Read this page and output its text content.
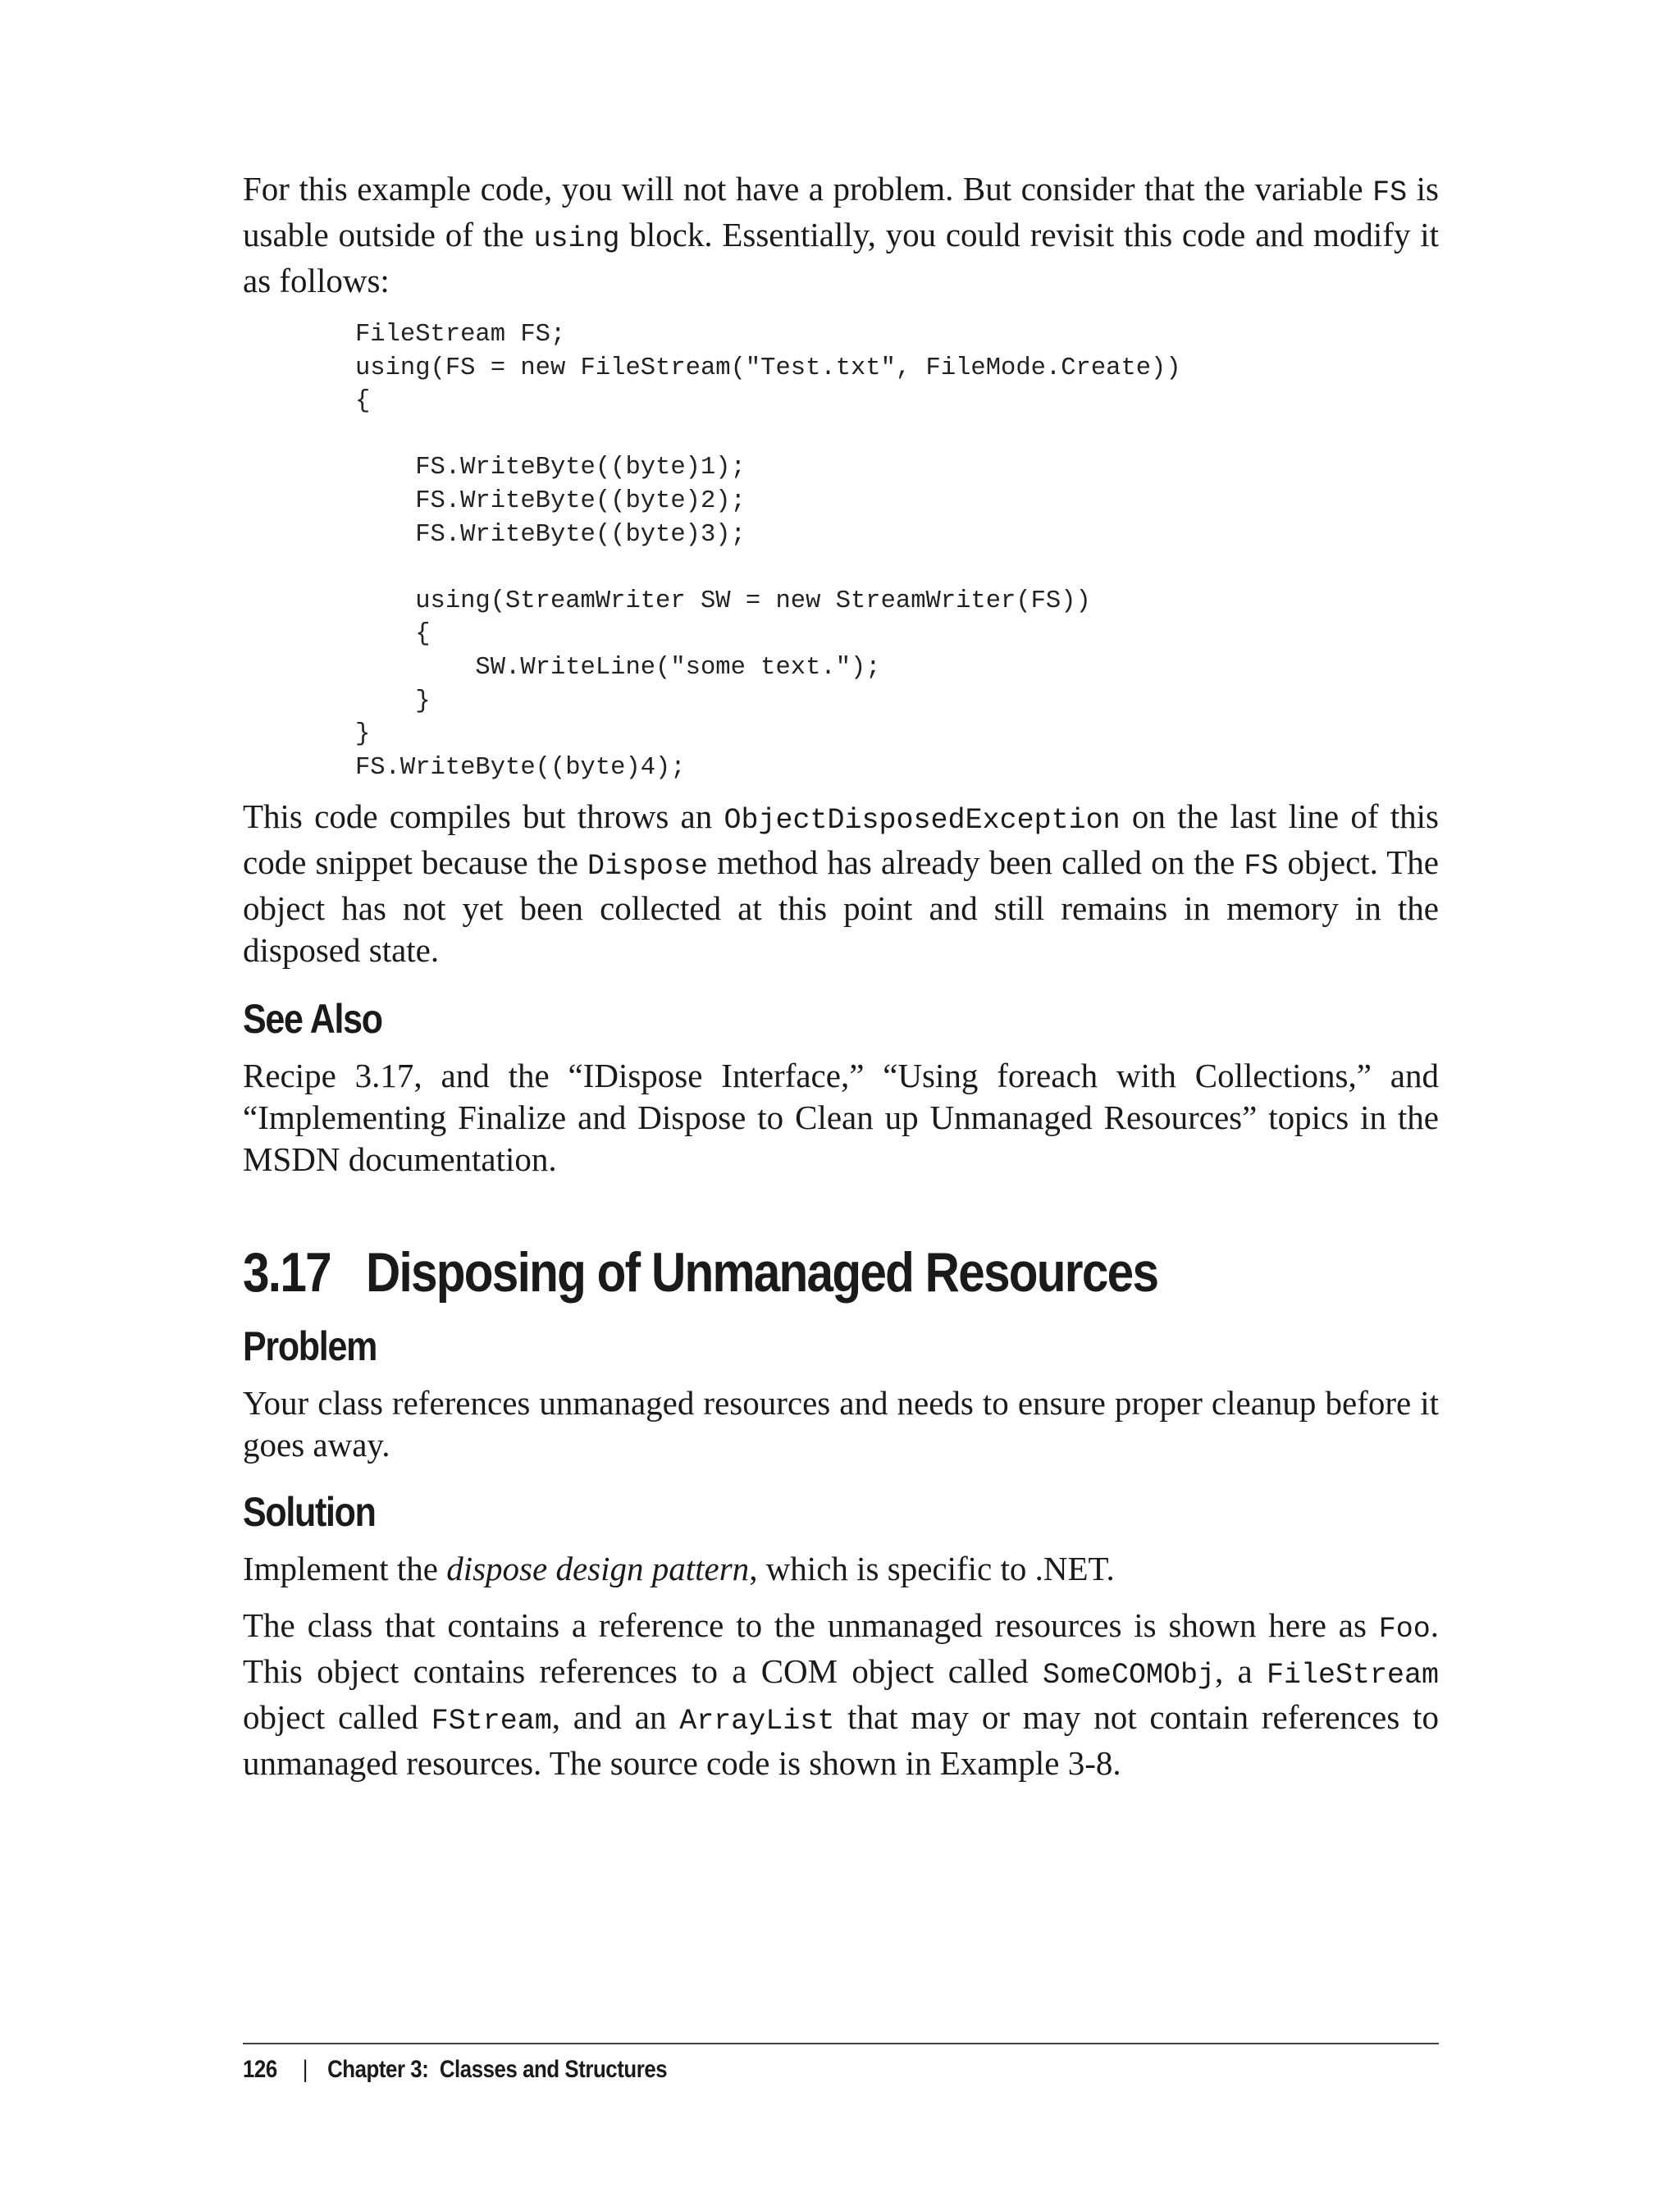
For this example code, you will not have a problem. But consider that the variable FS is usable outside of the using block. Essentially, you could revisit this code and modify it as follows:

FileStream FS;
using(FS = new FileStream("Test.txt", FileMode.Create))
{

FS.WriteByte((byte)1);
FS.WriteByte((byte)2);
FS.WriteByte((byte)3);

using(StreamWriter SW = new StreamWriter(FS))
{
SW.WriteLine("some text.");
}
}
FS.WriteByte((byte)4);

This code compiles but throws an ObjectDisposedException on the last line of this code snippet because the Dispose method has already been called on the FS object. The object has not yet been collected at this point and still remains in memory in the disposed state.

See Also

Recipe 3.17, and the “IDispose Interface,” “Using foreach with Collections,” and “Implementing Finalize and Dispose to Clean up Unmanaged Resources” topics in the MSDN documentation.

3.17 Disposing of Unmanaged Resources
Problem

Your class references unmanaged resources and needs to ensure proper cleanup before it goes away.

Solution

Implement the dispose design pattern, which is specific to .NET.

The class that contains a reference to the unmanaged resources is shown here as Foo. This object contains references to a COM object called SomeCOMObj, a FileStream object called FStream, and an ArrayList that may or may not contain references to unmanaged resources. The source code is shown in Example 3-8.

126 | Chapter 3:  Classes and Structures
